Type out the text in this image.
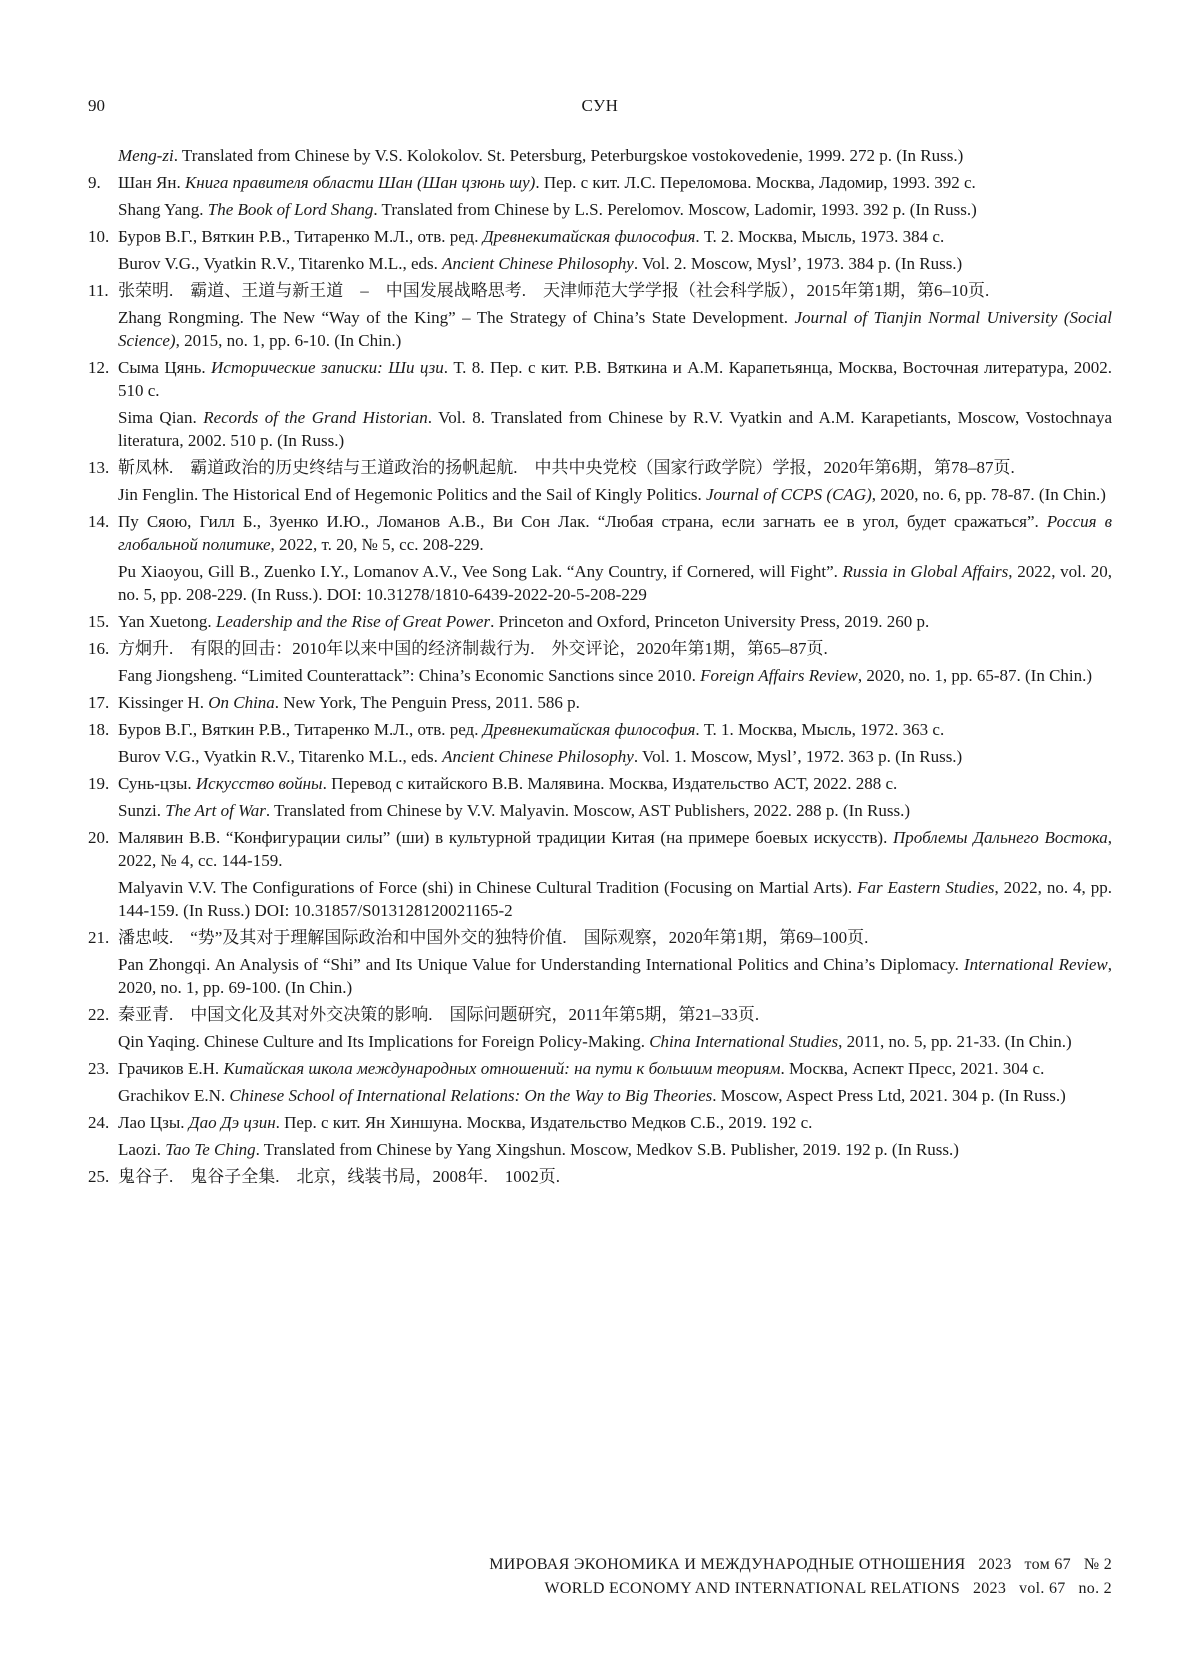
90	СУН
Meng-zi. Translated from Chinese by V.S. Kolokolov. St. Petersburg, Peterburgskoe vostokovedenie, 1999. 272 p. (In Russ.)
9. Шан Ян. Книга правителя области Шан (Шан цзюнь шу). Пер. с кит. Л.С. Переломова. Москва, Ладомир, 1993. 392 с.
Shang Yang. The Book of Lord Shang. Translated from Chinese by L.S. Perelomov. Moscow, Ladomir, 1993. 392 p. (In Russ.)
10. Буров В.Г., Вяткин Р.В., Титаренко М.Л., отв. ред. Древнекитайская философия. Т. 2. Москва, Мысль, 1973. 384 с.
Burov V.G., Vyatkin R.V., Titarenko M.L., eds. Ancient Chinese Philosophy. Vol. 2. Moscow, Mysl’, 1973. 384 p. (In Russ.)
11. 张荣明.　霸道、王道与新王道　–　中国发展战略思考.　天津师范大学学报（社会科学版），2015年第1期，第6–10页.
Zhang Rongming. The New “Way of the King” – The Strategy of China’s State Development. Journal of Tianjin Normal University (Social Science), 2015, no. 1, pp. 6-10. (In Chin.)
12. Сыма Цянь. Исторические записки: Ши цзи. Т. 8. Пер. с кит. Р.В. Вяткина и А.М. Карапетьянца, Москва, Восточная литература, 2002. 510 с.
Sima Qian. Records of the Grand Historian. Vol. 8. Translated from Chinese by R.V. Vyatkin and A.M. Karapetiants, Moscow, Vostochnaya literatura, 2002. 510 p. (In Russ.)
13. 靳凤林.　霸道政治的历史终结与王道政治的扬帆起航.　中共中央党校（国家行政学院）学报，2020年第6期，第78–87页.
Jin Fenglin. The Historical End of Hegemonic Politics and the Sail of Kingly Politics. Journal of CCPS (CAG), 2020, no. 6, pp. 78-87. (In Chin.)
14. Пу Сяою, Гилл Б., Зуенко И.Ю., Ломанов А.В., Ви Сон Лак. “Любая страна, если загнать ее в угол, будет сражаться”. Россия в глобальной политике, 2022, т. 20, № 5, сс. 208-229.
Pu Xiaoyou, Gill B., Zuenko I.Y., Lomanov A.V., Vee Song Lak. “Any Country, if Cornered, will Fight”. Russia in Global Affairs, 2022, vol. 20, no. 5, pp. 208-229. (In Russ.). DOI: 10.31278/1810-6439-2022-20-5-208-229
15. Yan Xuetong. Leadership and the Rise of Great Power. Princeton and Oxford, Princeton University Press, 2019. 260 p.
16. 方炯升.　有限的回击：2010年以来中国的经济制裁行为.　外交评论，2020年第1期，第65–87页.
Fang Jiongsheng. “Limited Counterattack”: China’s Economic Sanctions since 2010. Foreign Affairs Review, 2020, no. 1, pp. 65-87. (In Chin.)
17. Kissinger H. On China. New York, The Penguin Press, 2011. 586 p.
18. Буров В.Г., Вяткин Р.В., Титаренко М.Л., отв. ред. Древнекитайская философия. Т. 1. Москва, Мысль, 1972. 363 с.
Burov V.G., Vyatkin R.V., Titarenko M.L., eds. Ancient Chinese Philosophy. Vol. 1. Moscow, Mysl’, 1972. 363 p. (In Russ.)
19. Сунь-цзы. Искусство войны. Перевод с китайского В.В. Малявина. Москва, Издательство АСТ, 2022. 288 с.
Sunzi. The Art of War. Translated from Chinese by V.V. Malyavin. Moscow, AST Publishers, 2022. 288 p. (In Russ.)
20. Малявин В.В. “Конфигурации силы” (ши) в культурной традиции Китая (на примере боевых искусств). Проблемы Дальнего Востока, 2022, № 4, сс. 144-159.
Malyavin V.V. The Configurations of Force (shi) in Chinese Cultural Tradition (Focusing on Martial Arts). Far Eastern Studies, 2022, no. 4, pp. 144-159. (In Russ.) DOI: 10.31857/S013128120021165-2
21. 潘忠岐.　“势”及其对于理解国际政治和中国外交的独特价值.　国际观察，2020年第1期，第69–100页.
Pan Zhongqi. An Analysis of “Shi” and Its Unique Value for Understanding International Politics and China’s Diplomacy. International Review, 2020, no. 1, pp. 69-100. (In Chin.)
22. 秦亚青.　中国文化及其对外交决策的影响.　国际问题研究，2011年第5期，第21–33页.
Qin Yaqing. Chinese Culture and Its Implications for Foreign Policy-Making. China International Studies, 2011, no. 5, pp. 21-33. (In Chin.)
23. Грачиков Е.Н. Китайская школа международных отношений: на пути к большим теориям. Москва, Аспект Пресс, 2021. 304 с.
Grachikov E.N. Chinese School of International Relations: On the Way to Big Theories. Moscow, Aspect Press Ltd, 2021. 304 p. (In Russ.)
24. Лао Цзы. Дао Дэ цзин. Пер. с кит. Ян Хиншуна. Москва, Издательство Медков С.Б., 2019. 192 с.
Laozi. Tao Te Ching. Translated from Chinese by Yang Xingshun. Moscow, Medkov S.B. Publisher, 2019. 192 p. (In Russ.)
25. 鬼谷子.　鬼谷子全集.　北京，线装书局，2008年.　1002页.
МИРОВАЯ ЭКОНОМИКА И МЕЖДУНАРОДНЫЕ ОТНОШЕНИЯ   2023   том 67   № 2
WORLD ECONOMY AND INTERNATIONAL RELATIONS   2023   vol. 67   no. 2
